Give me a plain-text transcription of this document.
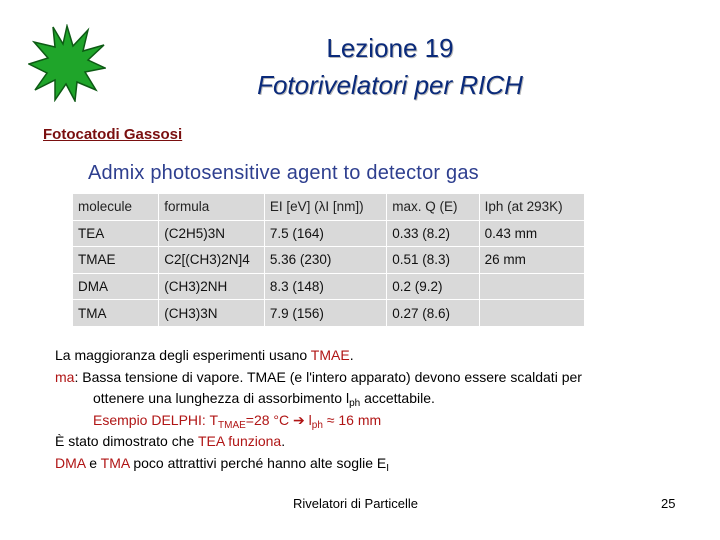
Lezione 19
Fotorivelatori per RICH
Fotocatodi Gassosi
Admix photosensitive agent to detector gas
molecule	formula	EI [eV] (λI [nm])	max. Q (E)	Iph (at 293K)
TEA	(C2H5)3N	7.5 (164)	0.33 (8.2)	0.43 mm
TMAE	C2[(CH3)2N]4	5.36 (230)	0.51 (8.3)	26 mm
DMA	(CH3)2NH	8.3 (148)	0.2 (9.2)	
TMA	(CH3)3N	7.9 (156)	0.27 (8.6)	

La maggioranza degli esperimenti usano TMAE.

ma: Bassa tensione di vapore. TMAE (e l'intero apparato) devono essere scaldati per

ottenere una lunghezza di assorbimento $l_{ph}$ accettabile.

Esempio DELPHI: $T_{TMAE}=28$ °C ➔ $l_{ph} \approx 16$ mm

È stato dimostrato che TEA funziona.

DMA e TMA poco attrattivi perché hanno alte soglie $E_I$

Rivelatori di Particelle	25
